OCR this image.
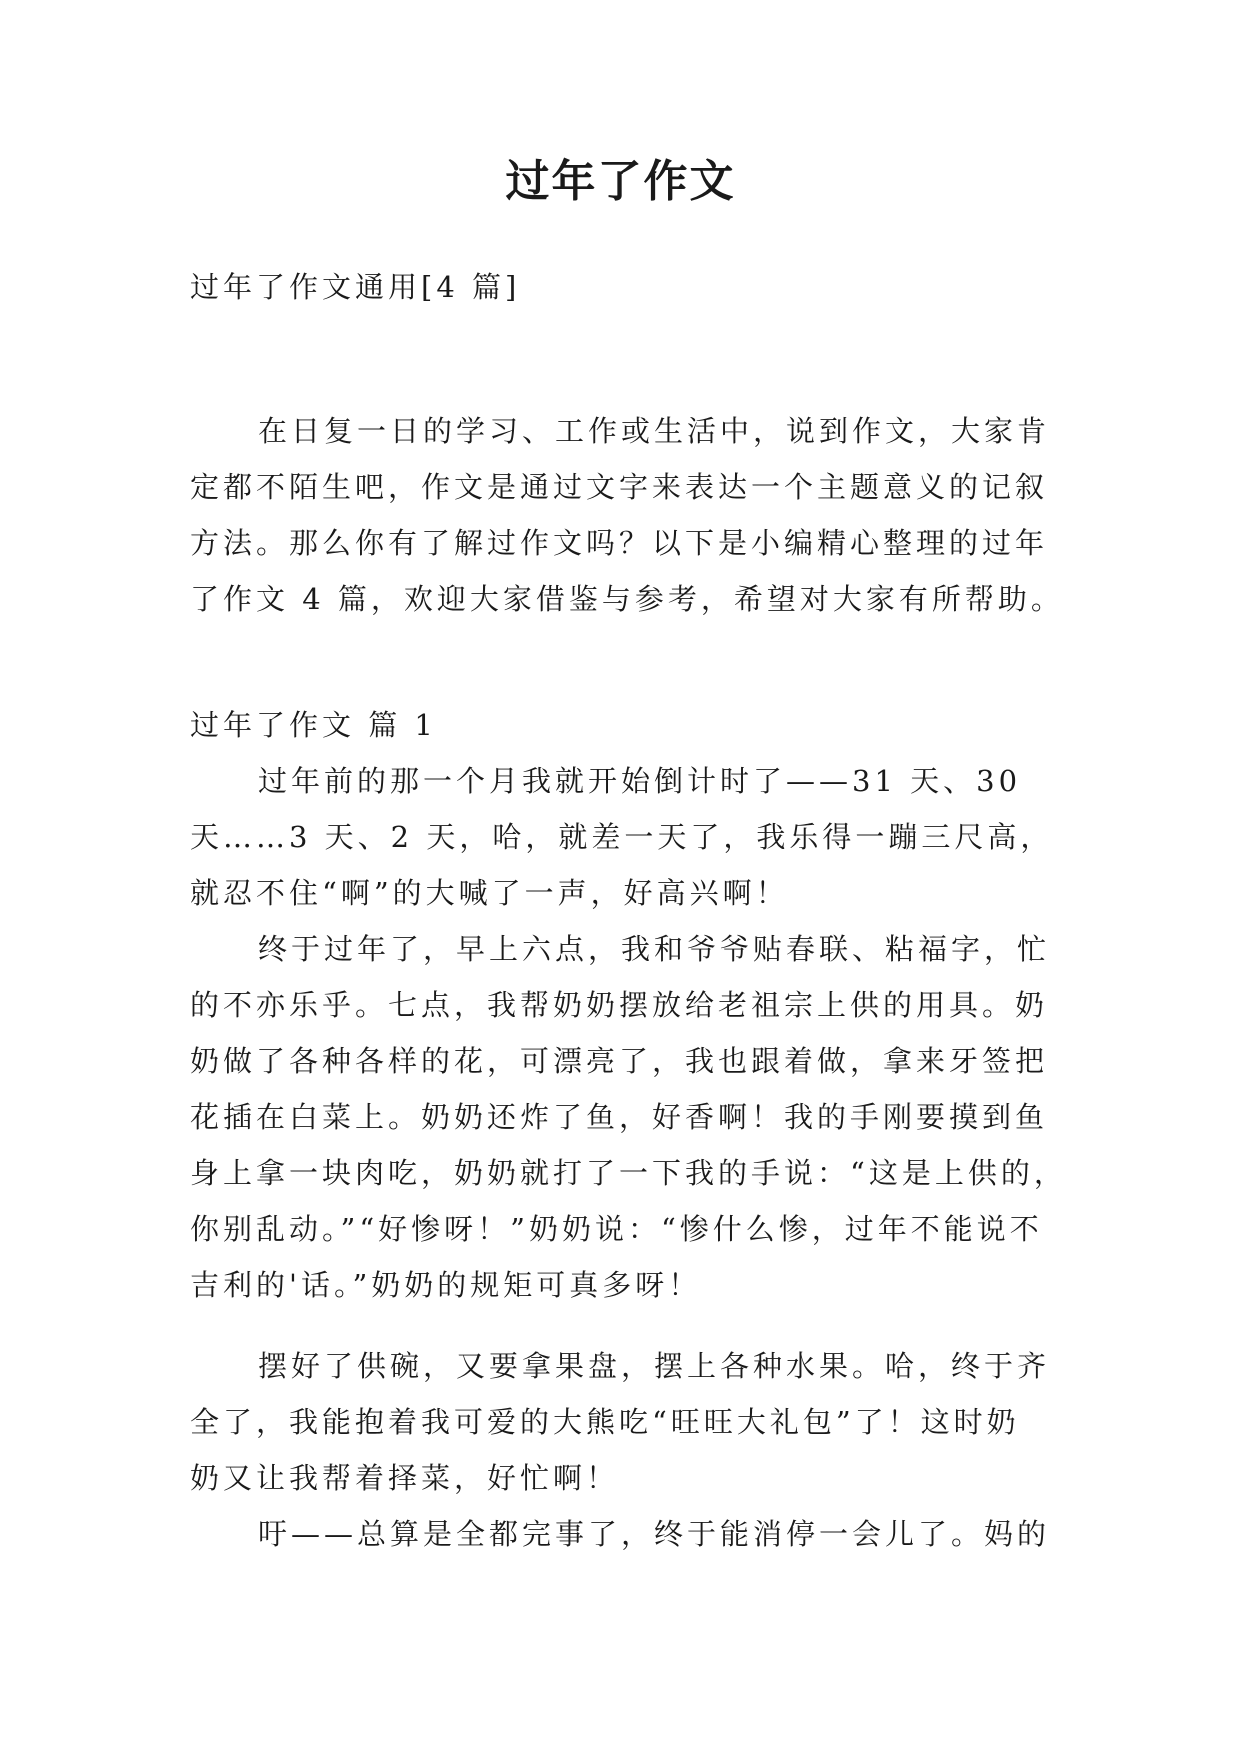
过年了作文

过年了作文通用[4 篇]

在日复一日的学习、工作或生活中，说到作文，大家肯

定都不陌生吧，作文是通过文字来表达一个主题意义的记叙

方法。那么你有了解过作文吗？以下是小编精心整理的过年

了作文 4 篇，欢迎大家借鉴与参考，希望对大家有所帮助。

过年了作文 篇 1

过年前的那一个月我就开始倒计时了——31 天、30

天……3 天、2 天，哈，就差一天了，我乐得一蹦三尺高，

就忍不住“啊”的大喊了一声，好高兴啊！

终于过年了，早上六点，我和爷爷贴春联、粘福字，忙

的不亦乐乎。七点，我帮奶奶摆放给老祖宗上供的用具。奶

奶做了各种各样的花，可漂亮了，我也跟着做，拿来牙签把

花插在白菜上。奶奶还炸了鱼，好香啊！我的手刚要摸到鱼

身上拿一块肉吃，奶奶就打了一下我的手说：“这是上供的，

你别乱动。”“好惨呀！”奶奶说：“惨什么惨，过年不能说不

吉利的'话。”奶奶的规矩可真多呀！

摆好了供碗，又要拿果盘，摆上各种水果。哈，终于齐

全了，我能抱着我可爱的大熊吃“旺旺大礼包”了！这时奶

奶又让我帮着择菜，好忙啊！

吁——总算是全都完事了，终于能消停一会儿了。妈的
